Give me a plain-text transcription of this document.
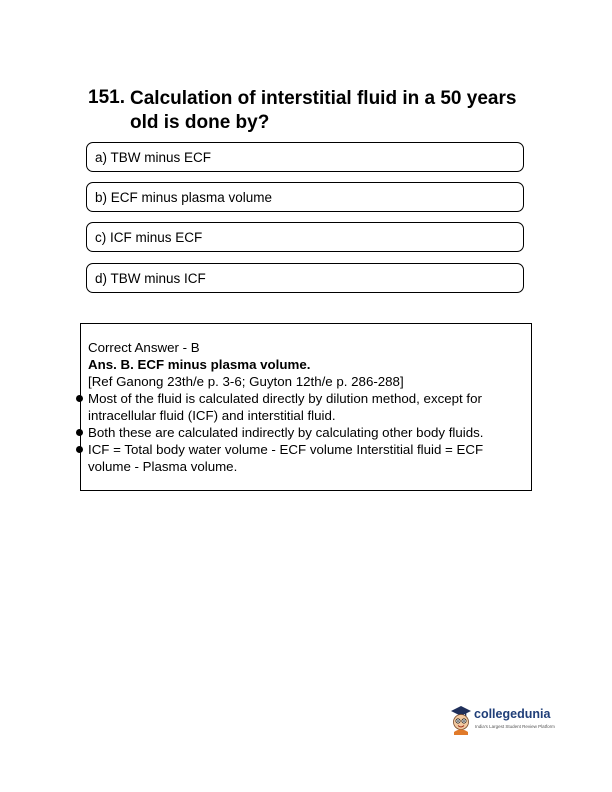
151. Calculation of interstitial fluid in a 50 years old is done by?
a) TBW minus ECF
b) ECF minus plasma volume
c) ICF minus ECF
d) TBW minus ICF
Correct Answer - B
Ans. B. ECF minus plasma volume.
[Ref Ganong 23th/e p. 3-6; Guyton 12th/e p. 286-288]
Most of the fluid is calculated directly by dilution method, except for intracellular fluid (ICF) and interstitial fluid.
Both these are calculated indirectly by calculating other body fluids.
ICF = Total body water volume - ECF volume Interstitial fluid = ECF volume - Plasma volume.
collegedunia
India's Largest Student Review Platform
